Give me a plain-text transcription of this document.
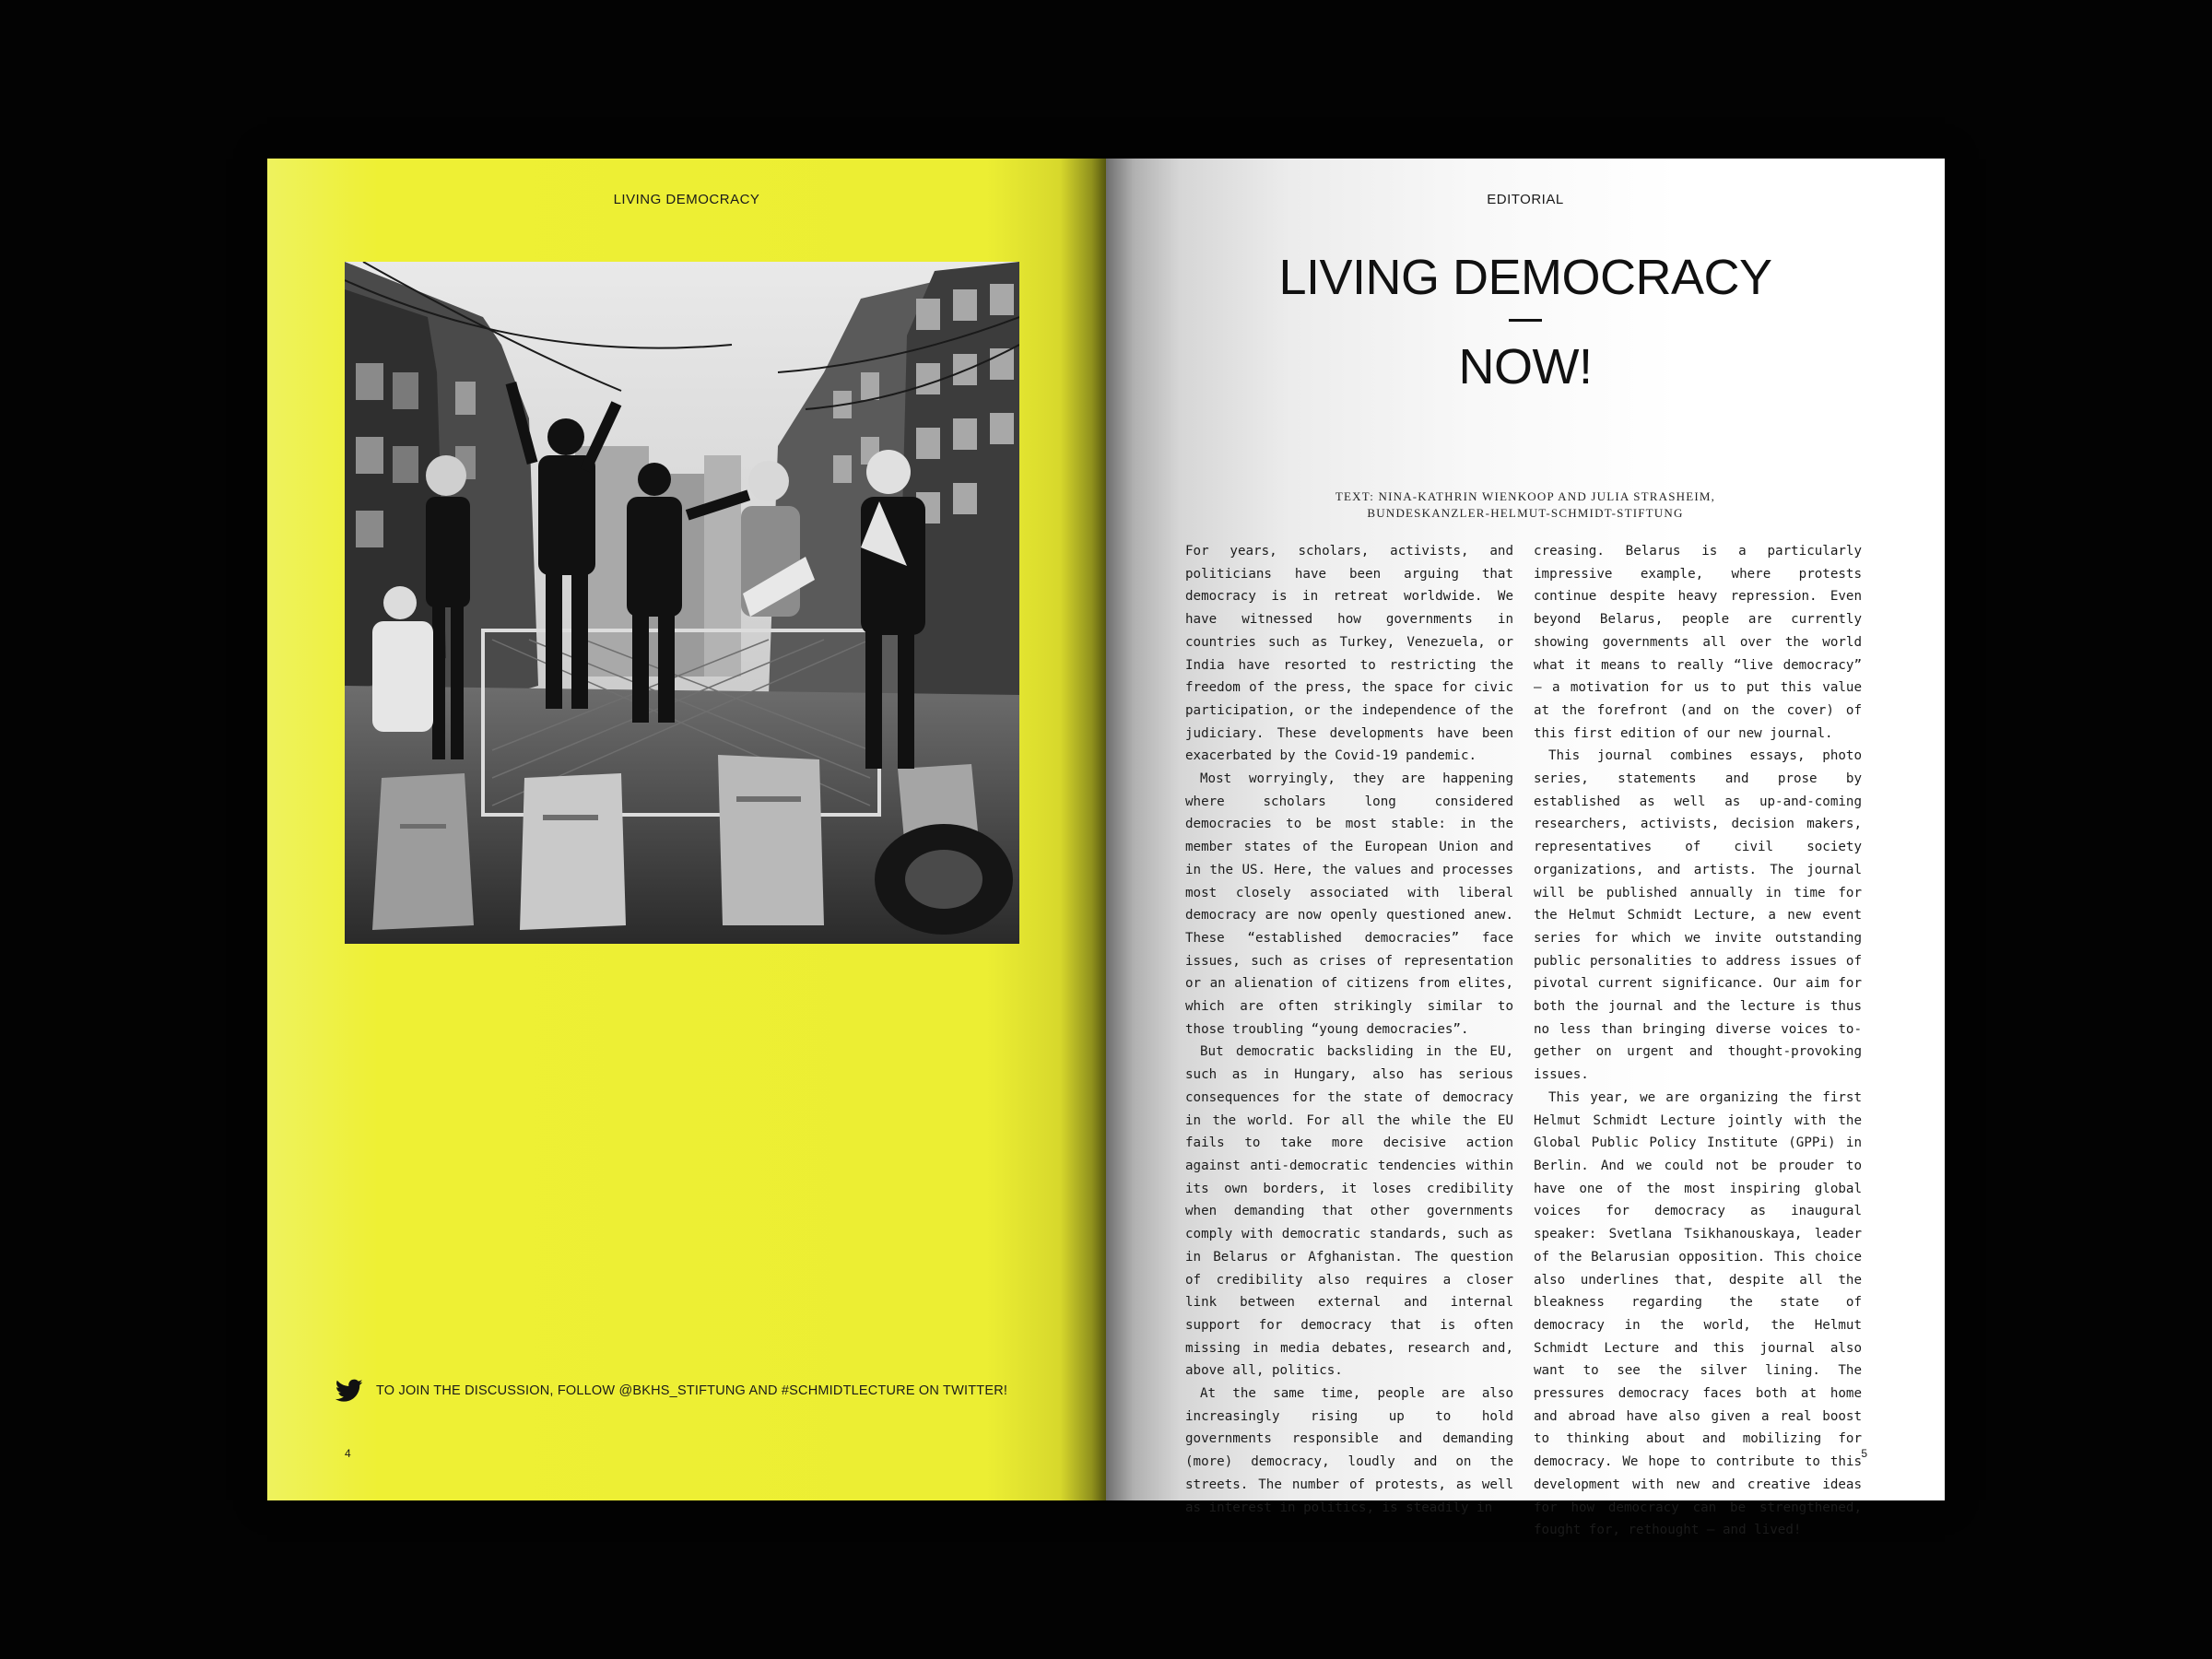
LIVING DEMOCRACY
TO JOIN THE DISCUSSION, FOLLOW @BKHS_STIFTUNG AND #SCHMIDTLECTURE ON TWITTER!
4
EDITORIAL
LIVING DEMOCRACY
NOW!
TEXT: NINA-KATHRIN WIENKOOP AND JULIA STRASHEIM,
BUNDESKANZLER-HELMUT-SCHMIDT-STIFTUNG

For years, scholars, activists, and politicians have been arguing that democracy is in retreat worldwide. We have witnessed how governments in countries such as Turkey, Venezuela, or India have resorted to restricting the freedom of the press, the space for civic participation, or the independence of the judiciary. These developments have been exacerbated by the Covid-19 pandemic.

Most worryingly, they are happening where scholars long considered democracies to be most stable: in the member states of the European Union and in the US. Here, the values and processes most closely associated with liberal democracy are now openly questioned anew. These “established democracies” face issues, such as crises of representation or an alienation of citizens from elites, which are often strikingly similar to those troubling “young democracies”.

But democratic backsliding in the EU, such as in Hungary, also has serious consequences for the state of democracy in the world. For all the while the EU fails to take more decisive action against anti-democratic tendencies within its own borders, it loses credibility when demanding that other governments comply with democratic standards, such as in Belarus or Afghanistan. The question of credibility also requires a closer link between external and internal support for democracy that is often missing in media debates, research and, above all, politics.

At the same time, people are also increasingly rising up to hold governments responsible and demanding (more) democracy, loudly and on the streets. The number of protests, as well as interest in politics, is steadily in

creasing. Belarus is a particularly impressive example, where protests continue despite heavy repression. Even beyond Belarus, people are currently showing governments all over the world what it means to really “live democracy” — a motivation for us to put this value at the forefront (and on the cover) of this first edition of our new journal.

This journal combines essays, photo series, statements and prose by established as well as up-and-coming researchers, activists, decision makers, representatives of civil society organizations, and artists. The journal will be published annually in time for the Helmut Schmidt Lecture, a new event series for which we invite outstanding public personalities to address issues of pivotal current significance. Our aim for both the journal and the lecture is thus no less than bringing diverse voices together on urgent and thought-provoking issues.

This year, we are organizing the first Helmut Schmidt Lecture jointly with the Global Public Policy Institute (GPPi) in Berlin. And we could not be prouder to have one of the most inspiring global voices for democracy as inaugural speaker: Svetlana Tsikhanouskaya, leader of the Belarusian opposition. This choice also underlines that, despite all the bleakness regarding the state of democracy in the world, the Helmut Schmidt Lecture and this journal also want to see the silver lining. The pressures democracy faces both at home and abroad have also given a real boost to thinking about and mobilizing for democracy. We hope to contribute to this development with new and creative ideas for how democracy can be strengthened, fought for, rethought — and lived!

5
